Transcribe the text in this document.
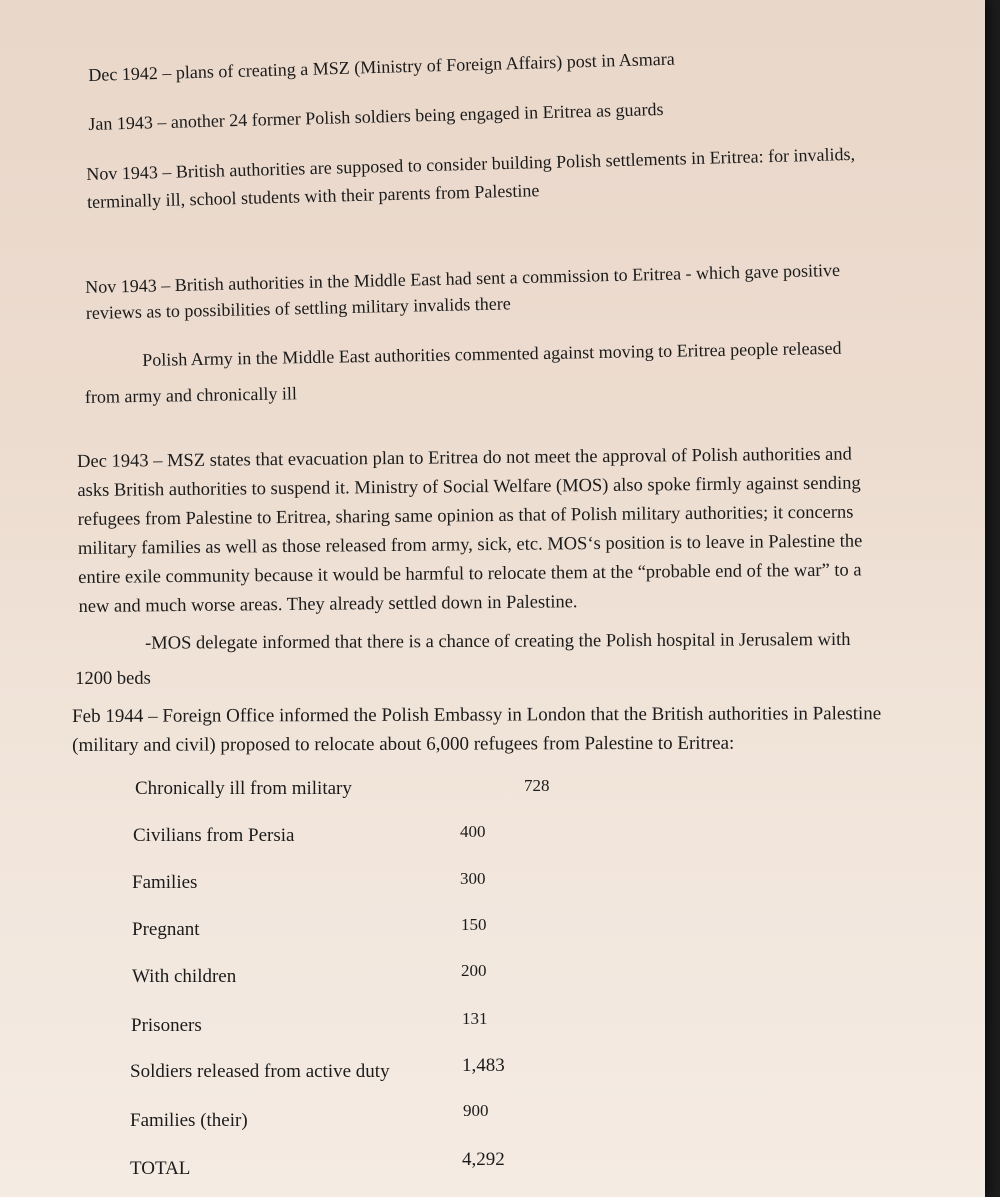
Dec 1942 – plans of creating a MSZ (Ministry of Foreign Affairs) post in Asmara

Jan 1943 – another 24 former Polish soldiers being engaged in Eritrea as guards

Nov 1943 – British authorities are supposed to consider building Polish settlements in Eritrea: for invalids,
terminally ill, school students with their parents from Palestine

Nov 1943 – British authorities in the Middle East had sent a commission to Eritrea - which gave positive
reviews as to possibilities of settling military invalids there

Polish Army in the Middle East authorities commented against moving to Eritrea people released
from army and chronically ill

Dec 1943 – MSZ states that evacuation plan to Eritrea do not meet the approval of Polish authorities and
asks British authorities to suspend it. Ministry of Social Welfare (MOS) also spoke firmly against sending
refugees from Palestine to Eritrea, sharing same opinion as that of Polish military authorities; it concerns
military families as well as those released from army, sick, etc. MOS‘s position is to leave in Palestine the
entire exile community because it would be harmful to relocate them at the “probable end of the war” to a
new and much worse areas. They already settled down in Palestine.

-MOS delegate informed that there is a chance of creating the Polish hospital in Jerusalem with
1200 beds

Feb 1944 – Foreign Office informed the Polish Embassy in London that the British authorities in Palestine
(military and civil) proposed to relocate about 6,000 refugees from Palestine to Eritrea:

Chronically ill from military	728
Civilians from Persia	400
Families	300
Pregnant	150
With children	200
Prisoners	131
Soldiers released from active duty	1,483
Families (their)	900
TOTAL	4,292
